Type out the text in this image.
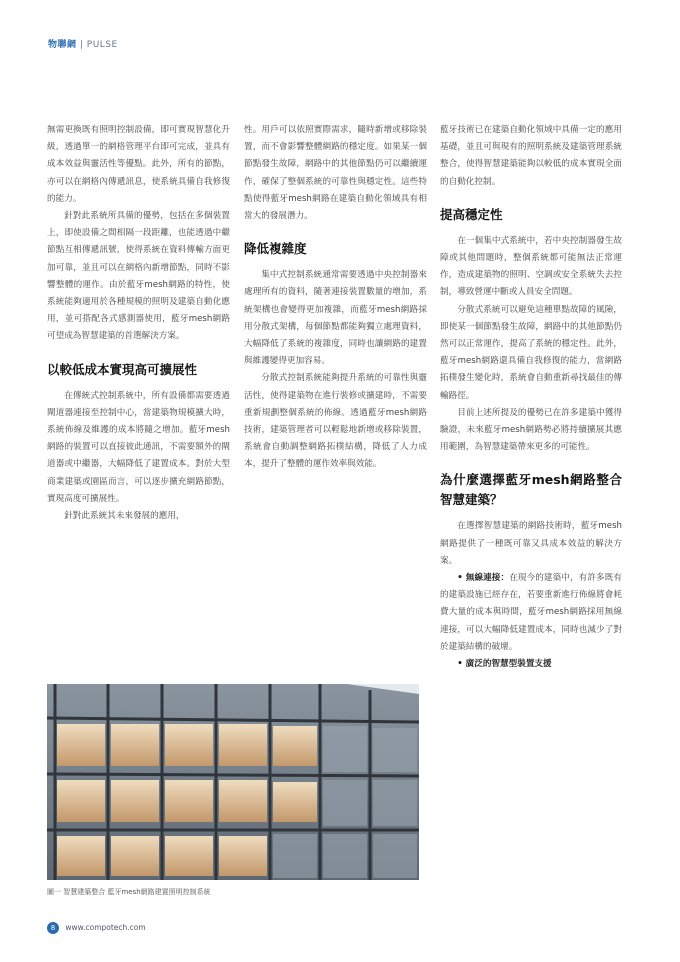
物聯網 | PULSE

無需更換既有照明控制設備，即可實現智慧化升級，透過單一的網格管理平台即可完成，並具有成本效益與靈活性等優點。此外，所有的節點，亦可以在網格內傳遞訊息，使系統具備自我修復的能力。

針對此系統所具備的優勢，包括在多個裝置上，即使設備之間相隔一段距離，也能透過中繼節點互相傳遞訊號，使得系統在資料傳輸方面更加可靠，並且可以在網格內新增節點，同時不影響整體的運作。由於藍牙mesh網路的特性，使系統能夠適用於各種規模的照明及建築自動化應用，並可搭配各式感測器使用，藍牙mesh網路可望成為智慧建築的首選解決方案。

以較低成本實現高可擴展性

在傳統式控制系統中，所有設備都需要透過閘道器連接至控制中心，當建築物規模擴大時，系統佈線及維護的成本將隨之增加。藍牙mesh網路的裝置可以直接彼此通訊，不需要額外的閘道器或中繼器，大幅降低了建置成本。對於大型商業建築或園區而言，可以逐步擴充網路節點，實現高度可擴展性。

針對此系統其未來發展的應用，

性。用戶可以依照實際需求，隨時新增或移除裝置，而不會影響整體網路的穩定度。如果某一個節點發生故障，網路中的其他節點仍可以繼續運作，確保了整個系統的可靠性與穩定性。這些特點使得藍牙mesh網路在建築自動化領域具有相當大的發展潛力。

降低複雜度

集中式控制系統通常需要透過中央控制器來處理所有的資料，隨著連接裝置數量的增加，系統架構也會變得更加複雜，而藍牙mesh網路採用分散式架構，每個節點都能夠獨立處理資料，大幅降低了系統的複雜度，同時也讓網路的建置與維護變得更加容易。

分散式控制系統能夠提升系統的可靠性與靈活性，使得建築物在進行裝修或擴建時，不需要重新規劃整個系統的佈線。透過藍牙mesh網路技術，建築管理者可以輕鬆地新增或移除裝置，系統會自動調整網路拓樸結構，降低了人力成本，提升了整體的運作效率與效能。

藍牙技術已在建築自動化領域中具備一定的應用基礎，並且可與現有的照明系統及建築管理系統整合，使得智慧建築能夠以較低的成本實現全面的自動化控制。

提高穩定性

在一個集中式系統中，若中央控制器發生故障或其他問題時，整個系統都可能無法正常運作，造成建築物的照明、空調或安全系統失去控制，導致營運中斷或人員安全問題。

分散式系統可以避免這種單點故障的風險，即使某一個節點發生故障，網路中的其他節點仍然可以正常運作，提高了系統的穩定性。此外，藍牙mesh網路還具備自我修復的能力，當網路拓樸發生變化時，系統會自動重新尋找最佳的傳輸路徑。

目前上述所提及的優勢已在許多建築中獲得驗證，未來藍牙mesh網路勢必將持續擴展其應用範圍，為智慧建築帶來更多的可能性。

為什麼選擇藍牙mesh網路整合智慧建築？

在選擇智慧建築的網路技術時，藍牙mesh網路提供了一種既可靠又具成本效益的解決方案。

• 無線連接：在現今的建築中，有許多既有的建築設施已經存在，若要重新進行佈線將會耗費大量的成本與時間，藍牙mesh網路採用無線連接，可以大幅降低建置成本，同時也減少了對於建築結構的破壞。

• 廣泛的智慧型裝置支援

圖一 智慧建築整合 藍牙mesh網路建置照明控制系統
8 www.compotech.com
